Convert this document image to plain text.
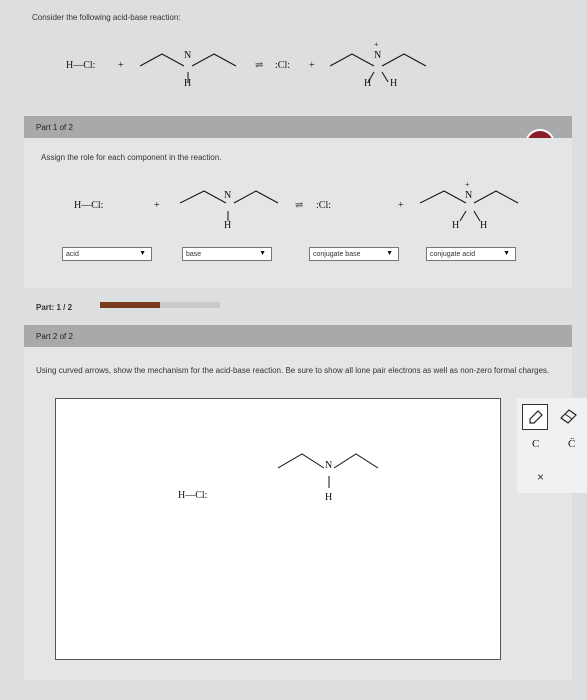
Consider the following acid-base reaction:
H—Cl: +
N
H
⇌ :Cl: +
+
N
H H
Part 1 of 2
Assign the role for each component in the reaction.
H—Cl:	+
N
H
⇌ :Cl:	+
+
N
H H
acid	▼	base	▼	conjugate base	▼	conjugate acid	▼
Part: 1 / 2
Part 2 of 2
Using curved arrows, show the mechanism for the acid-base reaction. Be sure to show all lone pair electrons as well as non-zero formal charges.
H—Cl:
N
H
C	C̈
×
